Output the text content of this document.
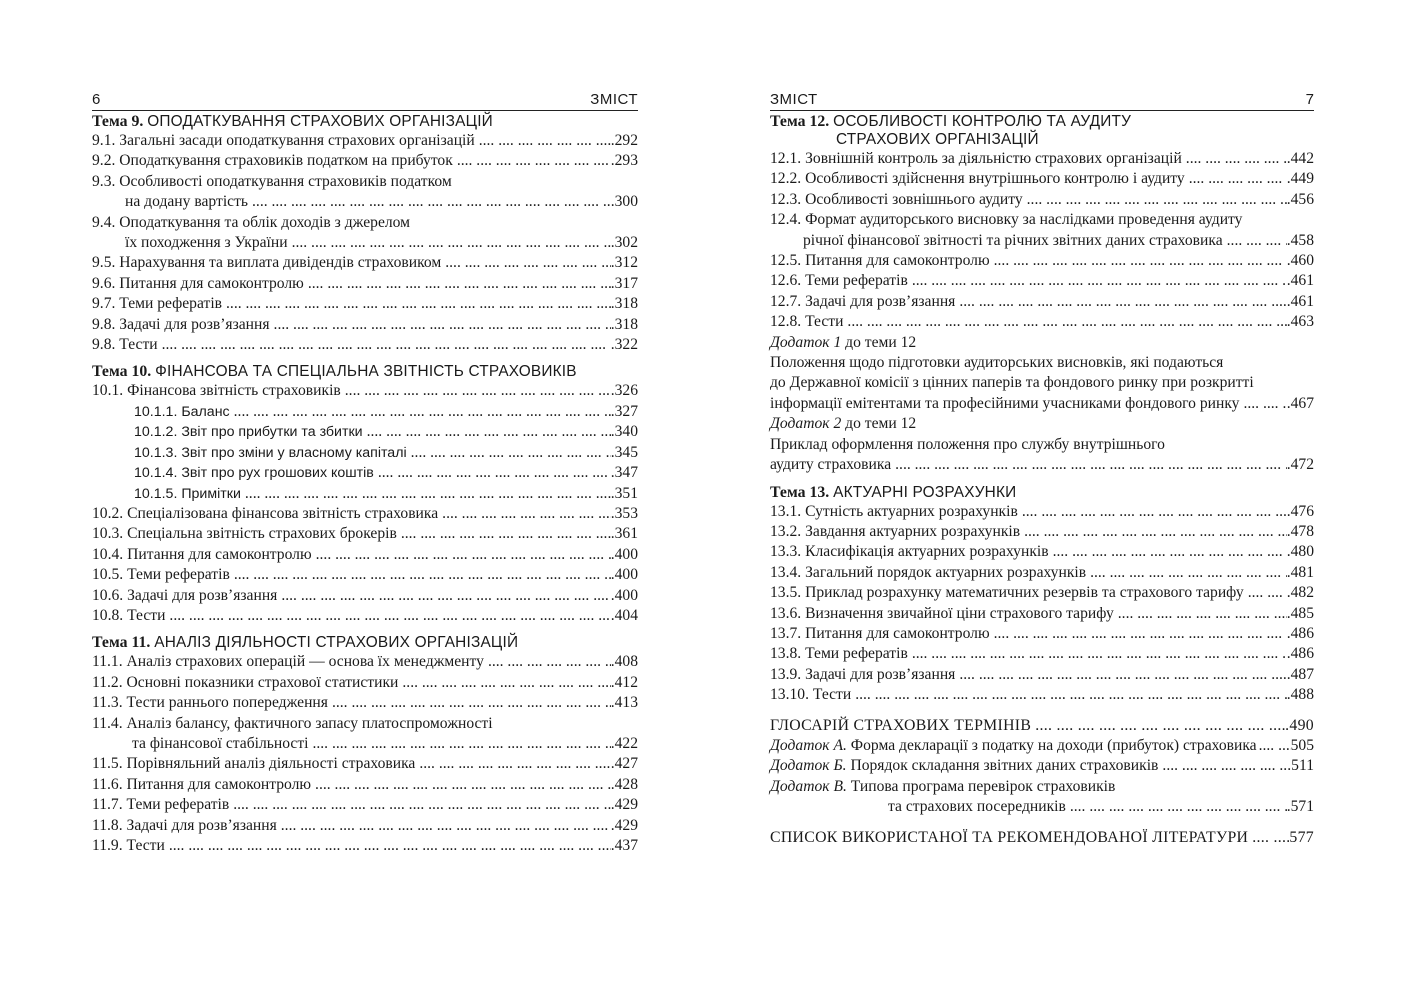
6	ЗМІСТ
Тема 9. ОПОДАТКУВАННЯ СТРАХОВИХ ОРГАНІЗАЦІЙ
9.1. Загальні засади оподаткування страхових організацій ....	.292
9.2. Оподаткування страховиків податком на прибуток ....	.293
9.3. Особливості оподаткування страховиків податком
на додану вартість ....	.300
9.4. Оподаткування та облік доходів з джерелом
їх походження з України ....	.302
9.5. Нарахування та виплата дивідендів страховиком ....	.312
9.6. Питання для самоконтролю ....	.317
9.7. Теми рефератів ....	.318
9.8. Задачі для розв’язання ....	.318
9.8. Тести ....	.322
Тема 10. ФІНАНСОВА ТА СПЕЦІАЛЬНА ЗВІТНІСТЬ СТРАХОВИКІВ
10.1. Фінансова звітність страховиків ....	.326
10.1.1. Баланс ....	.327
10.1.2. Звіт про прибутки та збитки ....	.340
10.1.3. Звіт про зміни у власному капіталі ....	.345
10.1.4. Звіт про рух грошових коштів ....	.347
10.1.5. Примітки ....	.351
10.2. Спеціалізована фінансова звітність страховика ....	.353
10.3. Спеціальна звітність страхових брокерів ....	.361
10.4. Питання для самоконтролю ....	.400
10.5. Теми рефератів ....	.400
10.6. Задачі для розв’язання ....	.400
10.8. Тести ....	.404
Тема 11. АНАЛІЗ ДІЯЛЬНОСТІ СТРАХОВИХ ОРГАНІЗАЦІЙ
11.1. Аналіз страхових операцій — основа їх менеджменту ....	.408
11.2. Основні показники страхової статистики ....	.412
11.3. Тести раннього попередження ....	.413
11.4. Аналіз балансу, фактичного запасу платоспроможності
та фінансової стабільності ....	.422
11.5. Порівняльний аналіз діяльності страховика ....	.427
11.6. Питання для самоконтролю ....	.428
11.7. Теми рефератів ....	.429
11.8. Задачі для розв’язання ....	.429
11.9. Тести ....	.437
ЗМІСТ	7
Тема 12. ОСОБЛИВОСТІ КОНТРОЛЮ ТА АУДИТУ
СТРАХОВИХ ОРГАНІЗАЦІЙ
12.1. Зовнішній контроль за діяльністю страхових організацій ....	.442
12.2. Особливості здійснення внутрішнього контролю і аудиту ....	.449
12.3. Особливості зовнішнього аудиту ....	.456
12.4. Формат аудиторського висновку за наслідками проведення аудиту
річної фінансової звітності та річних звітних даних страховика ....	.458
12.5. Питання для самоконтролю ....	.460
12.6. Теми рефератів ....	.461
12.7. Задачі для розв’язання ....	.461
12.8. Тести ....	.463
Додаток 1 до теми 12
Положення щодо підготовки аудиторських висновків, які подаються
до Державної комісії з цінних паперів та фондового ринку при розкритті
інформації емітентами та професійними учасниками фондового ринку ....	.467
Додаток 2 до теми 12
Приклад оформлення положення про службу внутрішнього
аудиту страховика ....	.472
Тема 13. АКТУАРНІ РОЗРАХУНКИ
13.1. Сутність актуарних розрахунків ....	.476
13.2. Завдання актуарних розрахунків ....	.478
13.3. Класифікація актуарних розрахунків ....	.480
13.4. Загальний порядок актуарних розрахунків ....	.481
13.5. Приклад розрахунку математичних резервів та страхового тарифу ....	.482
13.6. Визначення звичайної ціни страхового тарифу ....	.485
13.7. Питання для самоконтролю ....	.486
13.8. Теми рефератів ....	.486
13.9. Задачі для розв’язання ....	.487
13.10. Тести ....	.488
ГЛОСАРІЙ СТРАХОВИХ ТЕРМІНІВ ....	.490
Додаток А. Форма декларації з податку на доходи (прибуток) страховика .... 505
Додаток Б. Порядок складання звітних даних страховиків ....	.511
Додаток В. Типова програма перевірок страховиків
та страхових посередників ....	.571
СПИСОК ВИКОРИСТАНОЇ ТА РЕКОМЕНДОВАНОЇ ЛІТЕРАТУРИ ....	577
